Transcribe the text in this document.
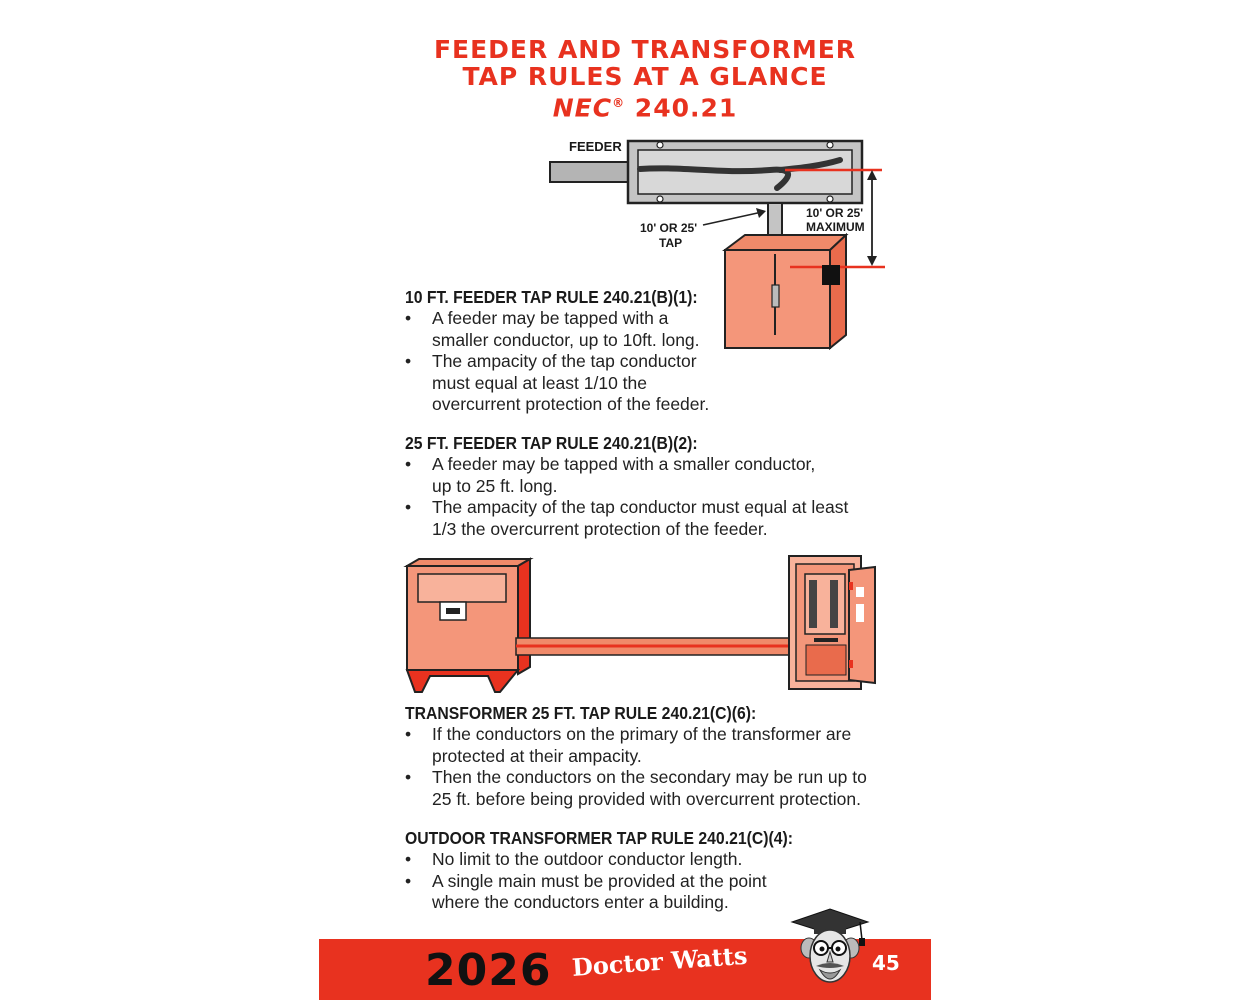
FEEDER AND TRANSFORMER
TAP RULES AT A GLANCE
NEC® 240.21
FEEDER
10' OR 25'
TAP
10' OR 25'
MAXIMUM
10 FT. FEEDER TAP RULE 240.21(B)(1):
• A feeder may be tapped with a
smaller conductor, up to 10ft. long.
• The ampacity of the tap conductor
must equal at least 1/10 the
overcurrent protection of the feeder.
25 FT. FEEDER TAP RULE 240.21(B)(2):
• A feeder may be tapped with a smaller conductor,
up to 25 ft. long.
• The ampacity of the tap conductor must equal at least
1/3 the overcurrent protection of the feeder.
TRANSFORMER 25 FT. TAP RULE 240.21(C)(6):
• If the conductors on the primary of the transformer are
protected at their ampacity.
• Then the conductors on the secondary may be run up to
25 ft. before being provided with overcurrent protection.
OUTDOOR TRANSFORMER TAP RULE 240.21(C)(4):
• No limit to the outdoor conductor length.
• A single main must be provided at the point
where the conductors enter a building.
2026 Doctor Watts	45
